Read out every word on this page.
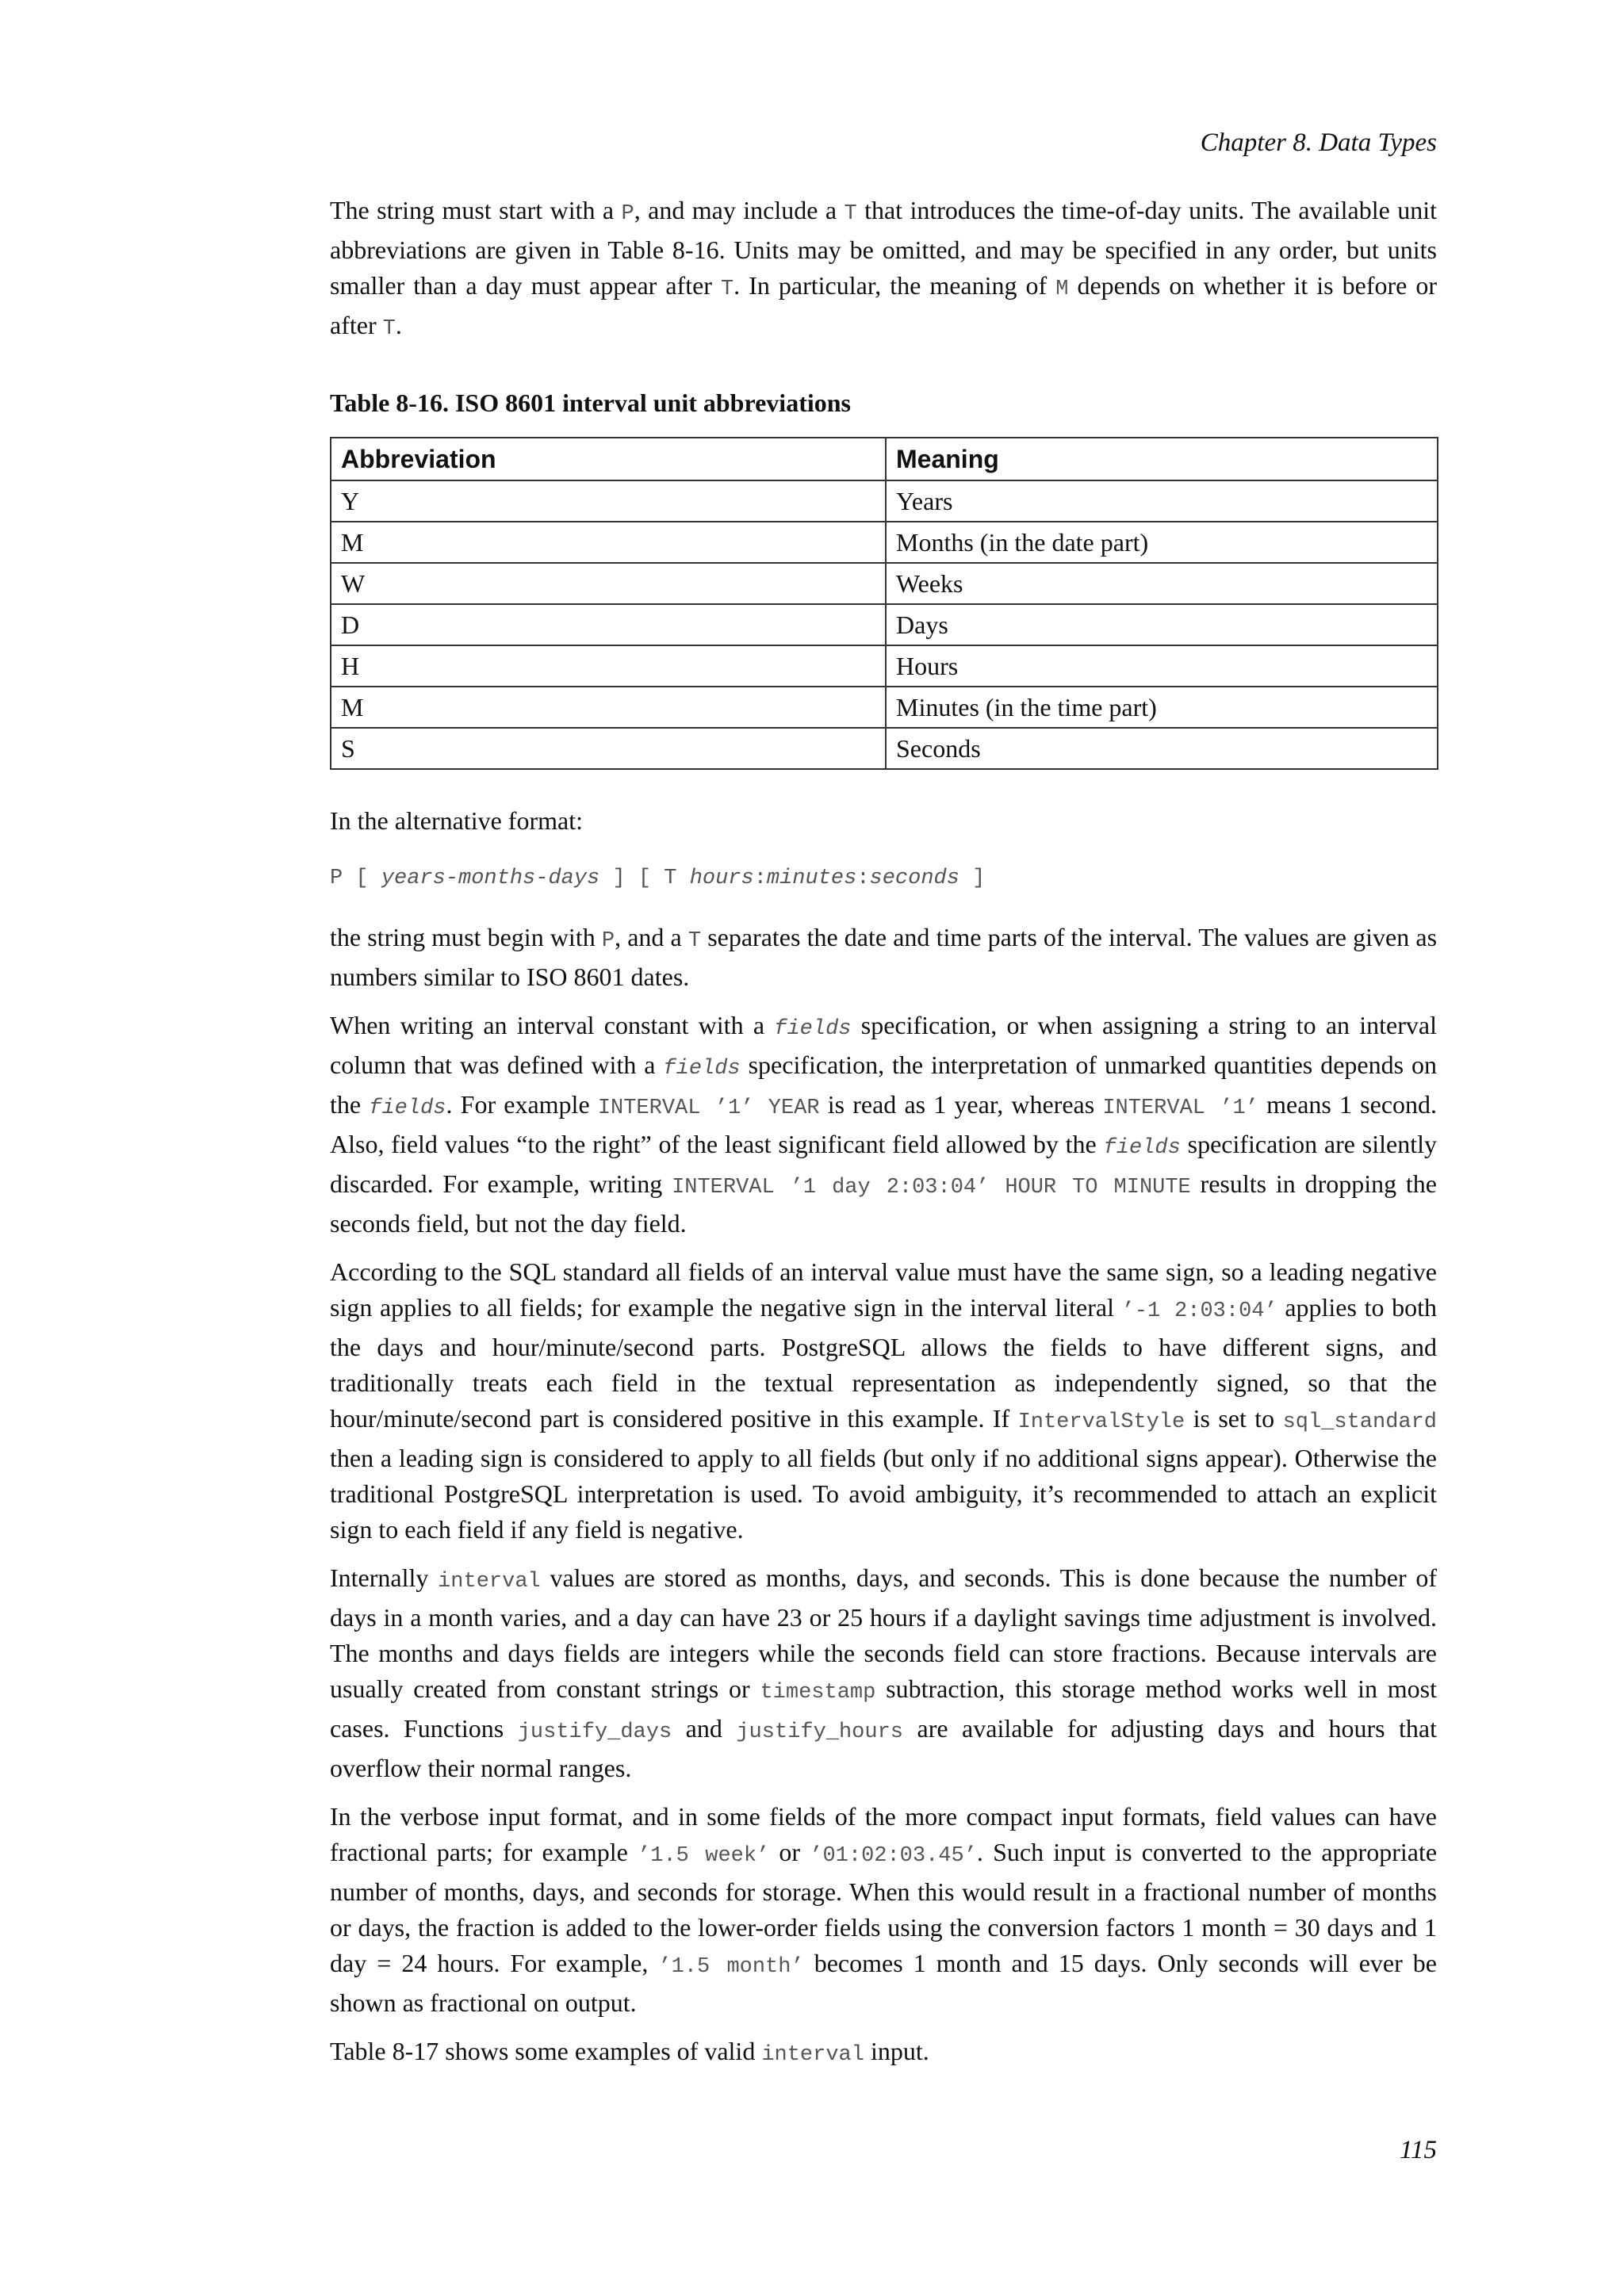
Chapter 8. Data Types

The string must start with a P, and may include a T that introduces the time-of-day units. The available unit abbreviations are given in Table 8-16. Units may be omitted, and may be specified in any order, but units smaller than a day must appear after T. In particular, the meaning of M depends on whether it is before or after T.

Table 8-16. ISO 8601 interval unit abbreviations
Abbreviation	Meaning
Y	Years
M	Months (in the date part)
W	Weeks
D	Days
H	Hours
M	Minutes (in the time part)
S	Seconds

In the alternative format:

P [ years-months-days ] [ T hours:minutes:seconds ]

the string must begin with P, and a T separates the date and time parts of the interval. The values are given as numbers similar to ISO 8601 dates.

When writing an interval constant with a fields specification, or when assigning a string to an interval column that was defined with a fields specification, the interpretation of unmarked quantities depends on the fields. For example INTERVAL ’1’ YEAR is read as 1 year, whereas INTERVAL ’1’ means 1 second. Also, field values “to the right” of the least significant field allowed by the fields specification are silently discarded. For example, writing INTERVAL ’1 day 2:03:04’ HOUR TO MINUTE results in dropping the seconds field, but not the day field.

According to the SQL standard all fields of an interval value must have the same sign, so a leading negative sign applies to all fields; for example the negative sign in the interval literal ’-1 2:03:04’ applies to both the days and hour/minute/second parts. PostgreSQL allows the fields to have different signs, and traditionally treats each field in the textual representation as independently signed, so that the hour/minute/second part is considered positive in this example. If IntervalStyle is set to sql_standard then a leading sign is considered to apply to all fields (but only if no additional signs appear). Otherwise the traditional PostgreSQL interpretation is used. To avoid ambiguity, it’s recommended to attach an explicit sign to each field if any field is negative.

Internally interval values are stored as months, days, and seconds. This is done because the number of days in a month varies, and a day can have 23 or 25 hours if a daylight savings time adjustment is involved. The months and days fields are integers while the seconds field can store fractions. Because intervals are usually created from constant strings or timestamp subtraction, this storage method works well in most cases. Functions justify_days and justify_hours are available for adjusting days and hours that overflow their normal ranges.

In the verbose input format, and in some fields of the more compact input formats, field values can have fractional parts; for example ’1.5 week’ or ’01:02:03.45’. Such input is converted to the appropriate number of months, days, and seconds for storage. When this would result in a fractional number of months or days, the fraction is added to the lower-order fields using the conversion factors 1 month = 30 days and 1 day = 24 hours. For example, ’1.5 month’ becomes 1 month and 15 days. Only seconds will ever be shown as fractional on output.

Table 8-17 shows some examples of valid interval input.

115
